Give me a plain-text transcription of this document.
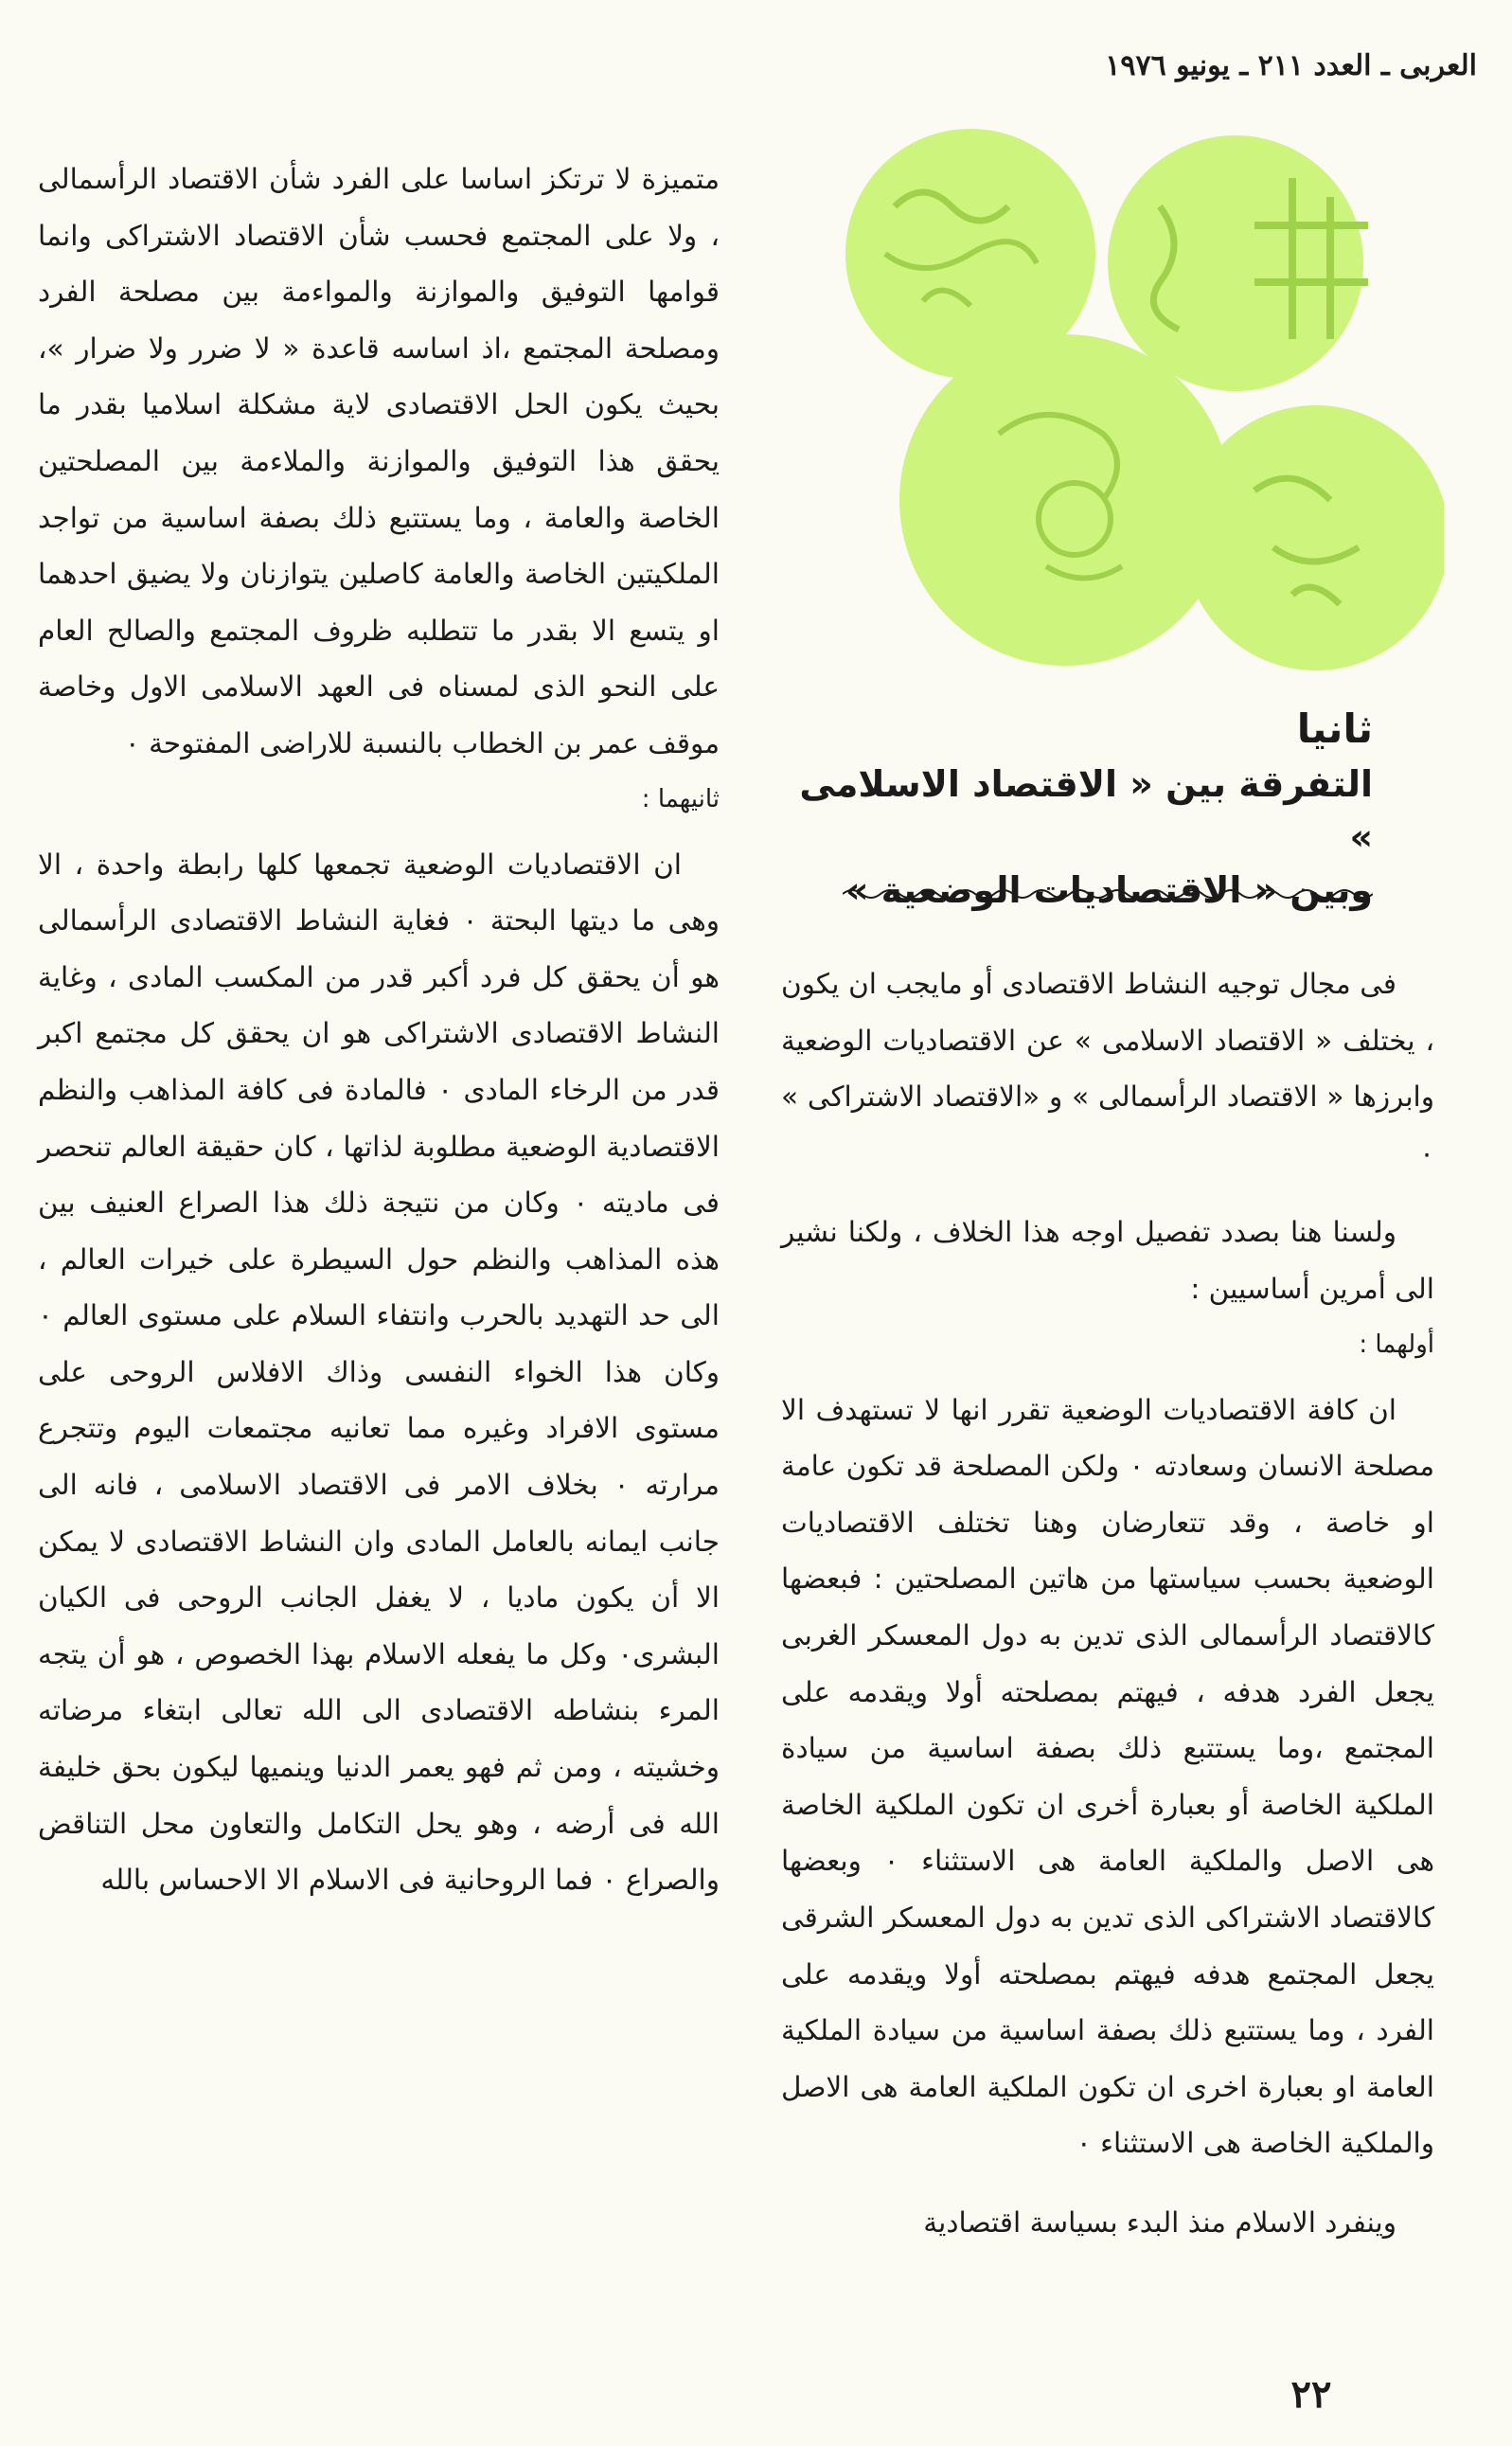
العربى ـ العدد ٢١١ ـ يونيو ١٩٧٦
ثانيا
التفرقة بين « الاقتصاد الاسلامى »
وبين « الاقتصاديات الوضعية »

متميزة لا ترتكز اساسا على الفرد شأن الاقتصاد الرأسمالى ، ولا على المجتمع فحسب شأن الاقتصاد الاشتراكى وانما قوامها التوفيق والموازنة والمواءمة بين مصلحة الفرد ومصلحة المجتمع ،اذ اساسه قاعدة « لا ضرر ولا ضرار »، بحيث يكون الحل الاقتصادى لاية مشكلة اسلاميا بقدر ما يحقق هذا التوفيق والموازنة والملاءمة بين المصلحتين الخاصة والعامة ، وما يستتبع ذلك بصفة اساسية من تواجد الملكيتين الخاصة والعامة كاصلين يتوازنان ولا يضيق احدهما او يتسع الا بقدر ما تتطلبه ظروف المجتمع والصالح العام على النحو الذى لمسناه فى العهد الاسلامى الاول وخاصة موقف عمر بن الخطاب بالنسبة للاراضى المفتوحة ٠

ثانيهما :

ان الاقتصاديات الوضعية تجمعها كلها رابطة واحدة ، الا وهى ما ديتها البحتة ٠ فغاية النشاط الاقتصادى الرأسمالى هو أن يحقق كل فرد أكبر قدر من المكسب المادى ، وغاية النشاط الاقتصادى الاشتراكى هو ان يحقق كل مجتمع اكبر قدر من الرخاء المادى ٠ فالمادة فى كافة المذاهب والنظم الاقتصادية الوضعية مطلوبة لذاتها ، كان حقيقة العالم تنحصر فى ماديته ٠ وكان من نتيجة ذلك هذا الصراع العنيف بين هذه المذاهب والنظم حول السيطرة على خيرات العالم ، الى حد التهديد بالحرب وانتفاء السلام على مستوى العالم ٠ وكان هذا الخواء النفسى وذاك الافلاس الروحى على مستوى الافراد وغيره مما تعانيه مجتمعات اليوم وتتجرع مرارته ٠ بخلاف الامر فى الاقتصاد الاسلامى ، فانه الى جانب ايمانه بالعامل المادى وان النشاط الاقتصادى لا يمكن الا أن يكون ماديا ، لا يغفل الجانب الروحى فى الكيان البشرى٠ وكل ما يفعله الاسلام بهذا الخصوص ، هو أن يتجه المرء بنشاطه الاقتصادى الى الله تعالى ابتغاء مرضاته وخشيته ، ومن ثم فهو يعمر الدنيا وينميها ليكون بحق خليفة الله فى أرضه ، وهو يحل التكامل والتعاون محل التناقض والصراع ٠ فما الروحانية فى الاسلام الا الاحساس بالله

فى مجال توجيه النشاط الاقتصادى أو مايجب ان يكون ، يختلف « الاقتصاد الاسلامى » عن الاقتصاديات الوضعية وابرزها « الاقتصاد الرأسمالى » و «الاقتصاد الاشتراكى » ٠

ولسنا هنا بصدد تفصيل اوجه هذا الخلاف ، ولكنا نشير الى أمرين أساسيين :

أولهما :

ان كافة الاقتصاديات الوضعية تقرر انها لا تستهدف الا مصلحة الانسان وسعادته ٠ ولكن المصلحة قد تكون عامة او خاصة ، وقد تتعارضان وهنا تختلف الاقتصاديات الوضعية بحسب سياستها من هاتين المصلحتين : فبعضها كالاقتصاد الرأسمالى الذى تدين به دول المعسكر الغربى يجعل الفرد هدفه ، فيهتم بمصلحته أولا ويقدمه على المجتمع ،وما يستتبع ذلك بصفة اساسية من سيادة الملكية الخاصة أو بعبارة أخرى ان تكون الملكية الخاصة هى الاصل والملكية العامة هى الاستثناء ٠ وبعضها كالاقتصاد الاشتراكى الذى تدين به دول المعسكر الشرقى يجعل المجتمع هدفه فيهتم بمصلحته أولا ويقدمه على الفرد ، وما يستتبع ذلك بصفة اساسية من سيادة الملكية العامة او بعبارة اخرى ان تكون الملكية العامة هى الاصل والملكية الخاصة هى الاستثناء ٠

وينفرد الاسلام منذ البدء بسياسة اقتصادية

٢٢
